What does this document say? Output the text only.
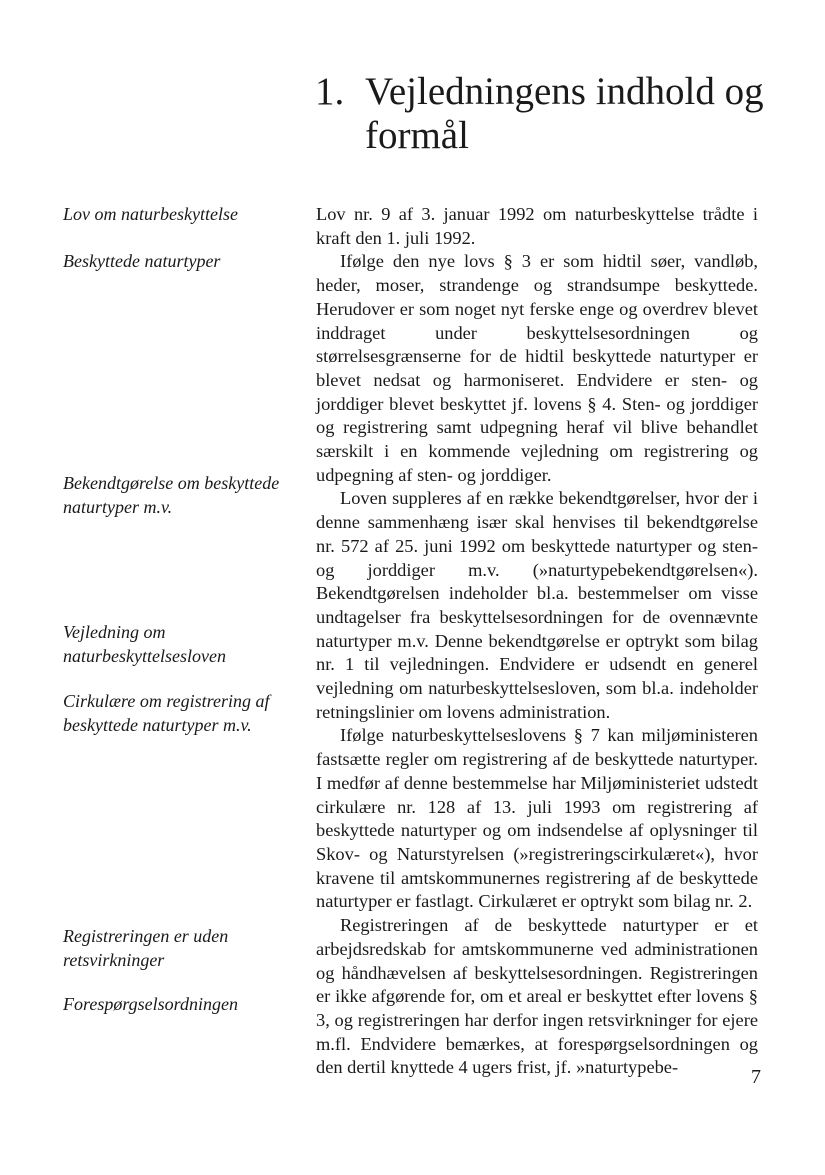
1. Vejledningens indhold og
formål
Lov om naturbeskyttelse
Beskyttede naturtyper
Bekendtgørelse om beskyttede naturtyper m.v.
Vejledning om naturbeskyttelsesloven
Cirkulære om registrering af beskyttede naturtyper m.v.
Registreringen er uden retsvirkninger
Forespørgselsordningen

Lov nr. 9 af 3. januar 1992 om naturbeskyttelse trådte i kraft den 1. juli 1992.

Ifølge den nye lovs § 3 er som hidtil søer, vandløb, heder, moser, strandenge og strandsumpe beskyttede. Herudover er som noget nyt ferske enge og overdrev blevet inddraget under beskyttelsesordningen og størrelsesgrænserne for de hidtil beskyttede naturtyper er blevet nedsat og harmoniseret. Endvidere er sten- og jorddiger blevet beskyttet jf. lovens § 4. Sten- og jorddiger og registrering samt udpegning heraf vil blive behandlet særskilt i en kommende vejledning om registrering og udpegning af sten- og jorddiger.

Loven suppleres af en række bekendtgørelser, hvor der i denne sammenhæng især skal henvises til bekendtgørelse nr. 572 af 25. juni 1992 om beskyttede naturtyper og sten- og jorddiger m.v. (»naturtypebekendtgørelsen«). Bekendtgørelsen indeholder bl.a. bestemmelser om visse undtagelser fra beskyttelsesordningen for de ovennævnte naturtyper m.v. Denne bekendtgørelse er optrykt som bilag nr. 1 til vejledningen. Endvidere er udsendt en generel vejledning om naturbeskyttelsesloven, som bl.a. indeholder retningslinier om lovens administration.

Ifølge naturbeskyttelseslovens § 7 kan miljøministeren fastsætte regler om registrering af de beskyttede naturtyper. I medfør af denne bestemmelse har Miljøministeriet udstedt cirkulære nr. 128 af 13. juli 1993 om registrering af beskyttede naturtyper og om indsendelse af oplysninger til Skov- og Naturstyrelsen (»registreringscirkulæret«), hvor kravene til amtskommunernes registrering af de beskyttede naturtyper er fastlagt. Cirkulæret er optrykt som bilag nr. 2.

Registreringen af de beskyttede naturtyper er et arbejdsredskab for amtskommunerne ved administrationen og håndhævelsen af beskyttelsesordningen. Registreringen er ikke afgørende for, om et areal er beskyttet efter lovens § 3, og registreringen har derfor ingen retsvirkninger for ejere m.fl. Endvidere bemærkes, at forespørgselsordningen og den dertil knyttede 4 ugers frist, jf. »naturtypebe-	7
